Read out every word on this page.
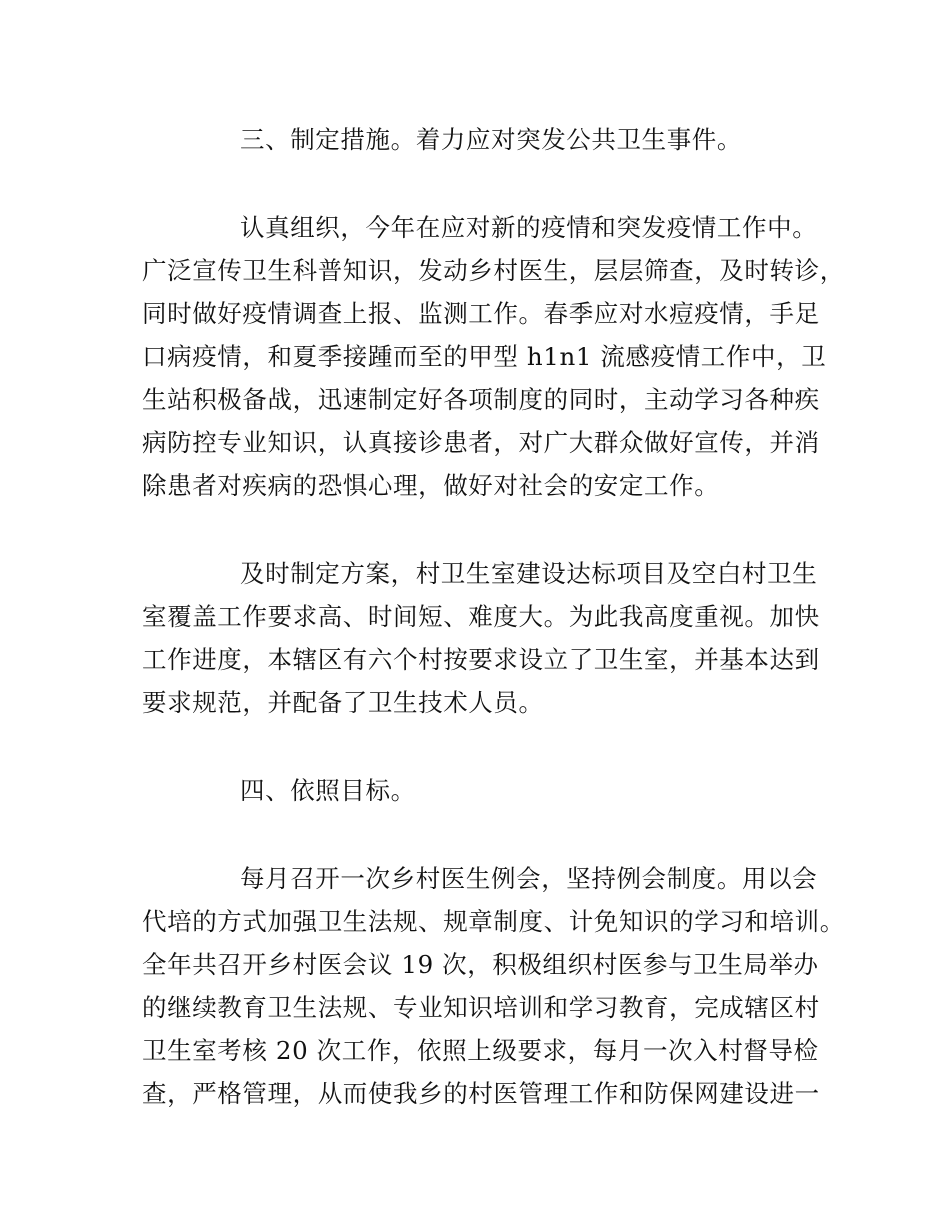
三、制定措施。着力应对突发公共卫生事件。
认真组织，今年在应对新的疫情和突发疫情工作中。
广泛宣传卫生科普知识，发动乡村医生，层层筛查，及时转诊，
同时做好疫情调查上报、监测工作。春季应对水痘疫情，手足
口病疫情，和夏季接踵而至的甲型 h1n1 流感疫情工作中，卫
生站积极备战，迅速制定好各项制度的同时，主动学习各种疾
病防控专业知识，认真接诊患者，对广大群众做好宣传，并消
除患者对疾病的恐惧心理，做好对社会的安定工作。
及时制定方案，村卫生室建设达标项目及空白村卫生
室覆盖工作要求高、时间短、难度大。为此我高度重视。加快
工作进度，本辖区有六个村按要求设立了卫生室，并基本达到
要求规范，并配备了卫生技术人员。
四、依照目标。
每月召开一次乡村医生例会，坚持例会制度。用以会
代培的方式加强卫生法规、规章制度、计免知识的学习和培训。
全年共召开乡村医会议 19 次，积极组织村医参与卫生局举办
的继续教育卫生法规、专业知识培训和学习教育，完成辖区村
卫生室考核 20 次工作，依照上级要求，每月一次入村督导检
查，严格管理，从而使我乡的村医管理工作和防保网建设进一
